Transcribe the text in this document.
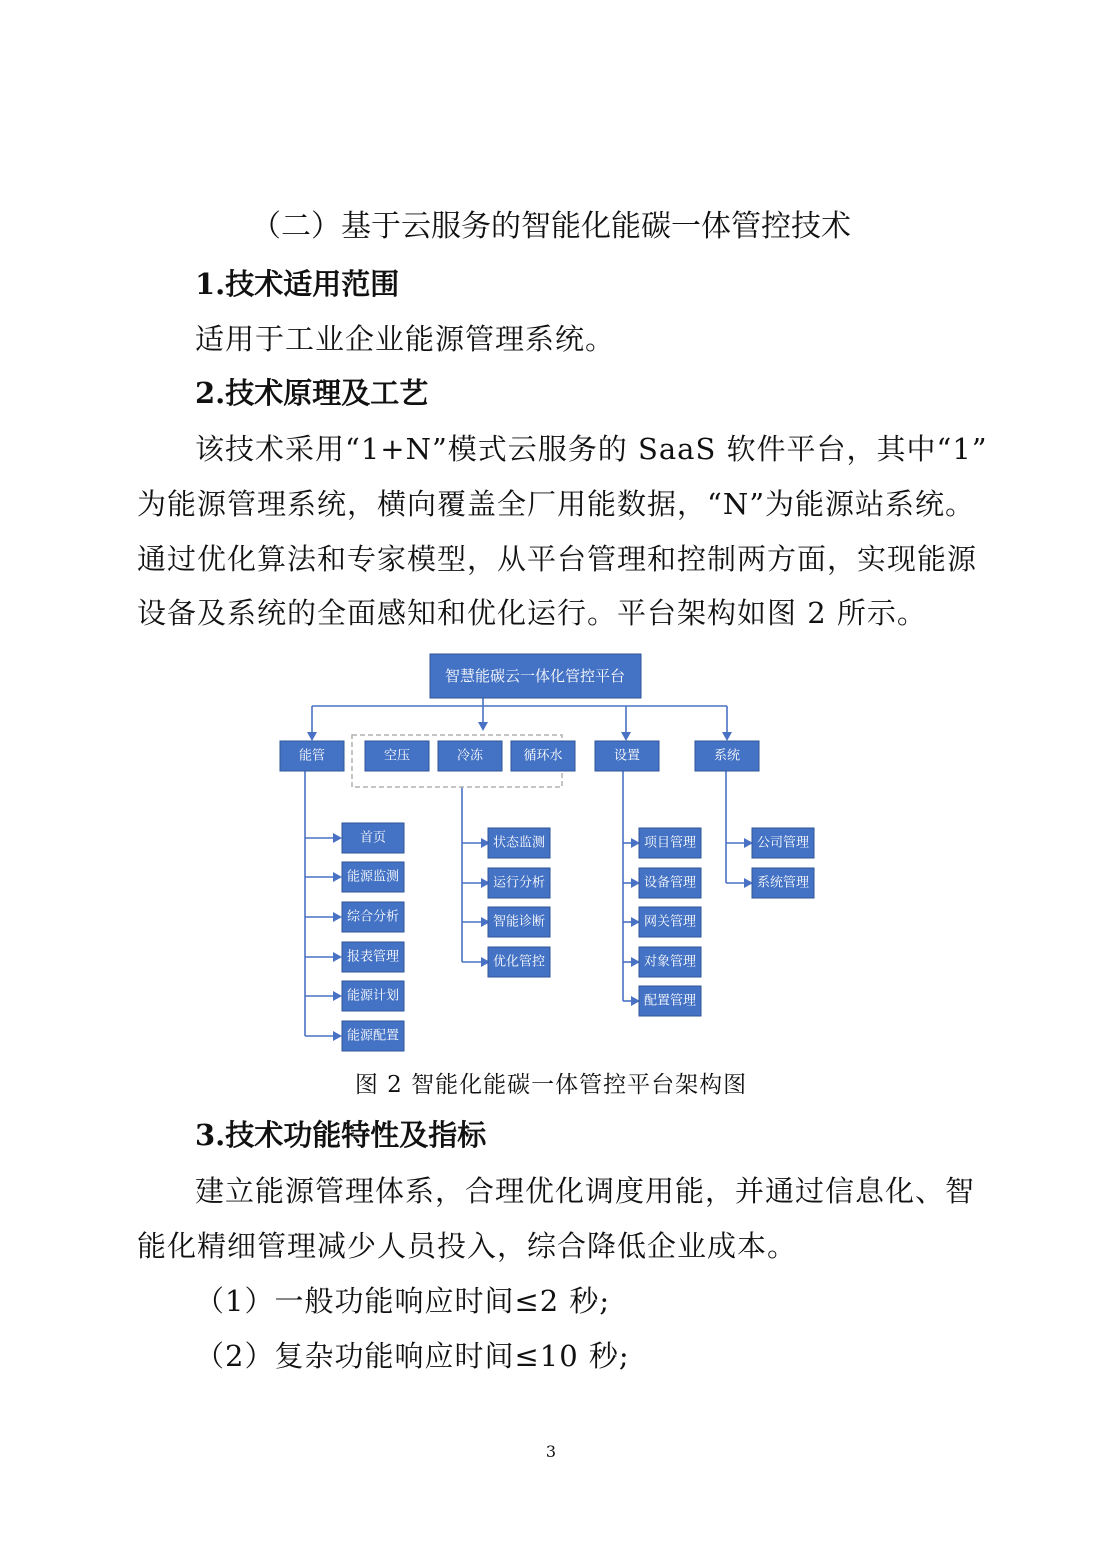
（二）基于云服务的智能化能碳一体管控技术
1.技术适用范围
适用于工业企业能源管理系统。
2.技术原理及工艺
该技术采用“1+N”模式云服务的 SaaS 软件平台，其中“1”
为能源管理系统，横向覆盖全厂用能数据，“N”为能源站系统。
通过优化算法和专家模型，从平台管理和控制两方面，实现能源
设备及系统的全面感知和优化运行。平台架构如图 2 所示。
智慧能碳云一体化管控平台
能管	空压	冷冻	循环水	设置	系统
首页
能源监测
综合分析
报表管理
能源计划
能源配置
状态监测
运行分析
智能诊断
优化管控
项目管理
设备管理
网关管理
对象管理
配置管理
公司管理
系统管理
图 2 智能化能碳一体管控平台架构图
3.技术功能特性及指标
建立能源管理体系，合理优化调度用能，并通过信息化、智
能化精细管理减少人员投入，综合降低企业成本。
（1）一般功能响应时间≤2 秒;
（2）复杂功能响应时间≤10 秒;
3
